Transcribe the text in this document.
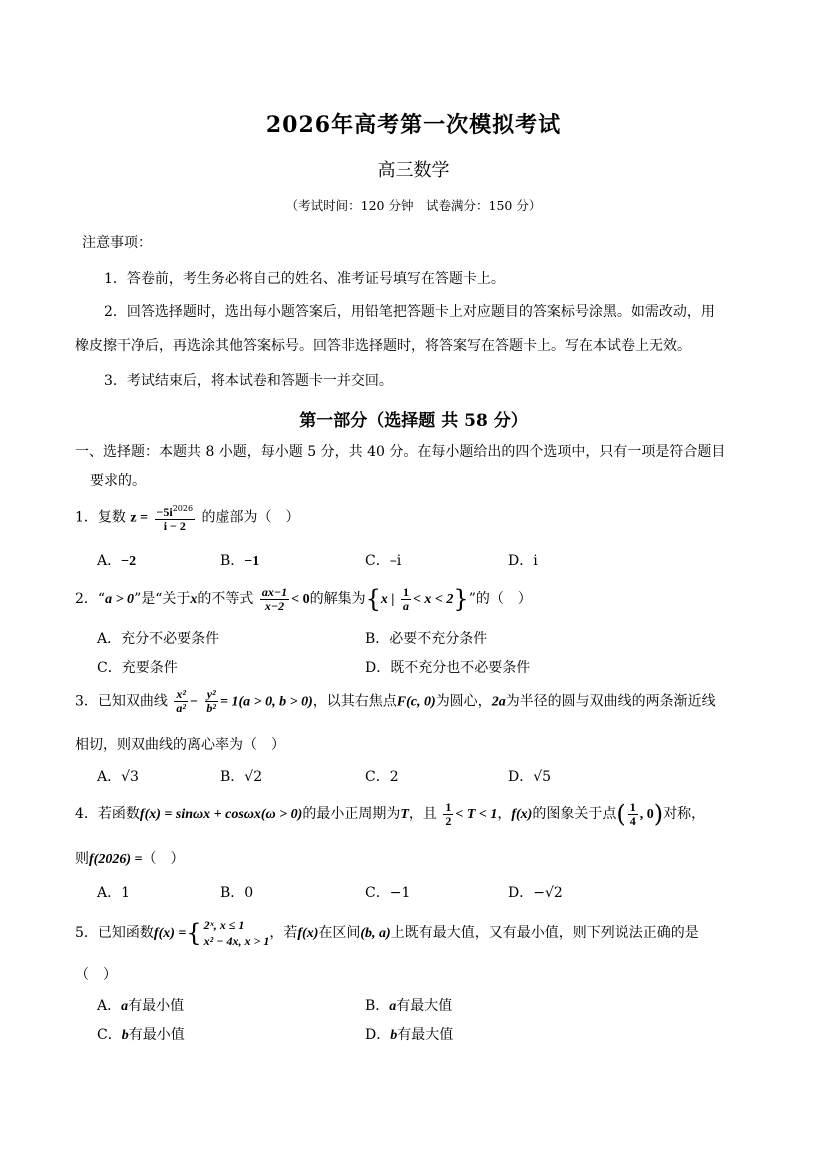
2026年高考第一次模拟考试
高三数学
（考试时间：120 分钟　试卷满分：150 分）
注意事项：
1．答卷前，考生务必将自己的姓名、准考证号填写在答题卡上。
2．回答选择题时，选出每小题答案后，用铅笔把答题卡上对应题目的答案标号涂黑。如需改动，用
橡皮擦干净后，再选涂其他答案标号。回答非选择题时，将答案写在答题卡上。写在本试卷上无效。
3．考试结束后，将本试卷和答题卡一并交回。
第一部分（选择题 共 58 分）
一、选择题：本题共 8 小题，每小题 5 分，共 40 分。在每小题给出的四个选项中，只有一项是符合题目
要求的。
1．复数 $z = \frac{-5i^{2026}}{i - 2}$ 的虚部为（　）
A．−2	B．−1	C．–i	D．i
2．“a > 0”是“关于x的不等式 $\frac{ax-1}{x-2} < 0$的解集为{x | $\frac{1}{a} < x < 2$}”的（　）
A．充分不必要条件	B．必要不充分条件
C．充要条件	D．既不充分也不必要条件
3．已知双曲线 $\frac{\text{x²}}{\text{a²}} - \frac{\text{y²}}{\text{b²}} = 1(a > 0$, b > 0)，以其右焦点F(c, 0)为圆心，2a为半径的圆与双曲线的两条渐近线
相切，则双曲线的离心率为（　）
A．√3	B．√2	C．2	D．√5
4．若函数f(x) = sinωx + cosωx(ω > 0)的最小正周期为T，且 $\frac{1}{2} < T < 1$，f(x)的图象关于点( $\frac{1}{4}$ , 0)对称，
则f(2026) =（　）
A．1	B．0	C．−1	D．−√2
5．已知函数f(x) ={ 2ˣ, x ≤ 1
x² − 4x, x > 1 ，若f(x)在区间(b, a)上既有最大值，又有最小值，则下列说法正确的是
（　）
A．a有最小值	B．a有最大值
C．b有最小值	D．b有最大值
